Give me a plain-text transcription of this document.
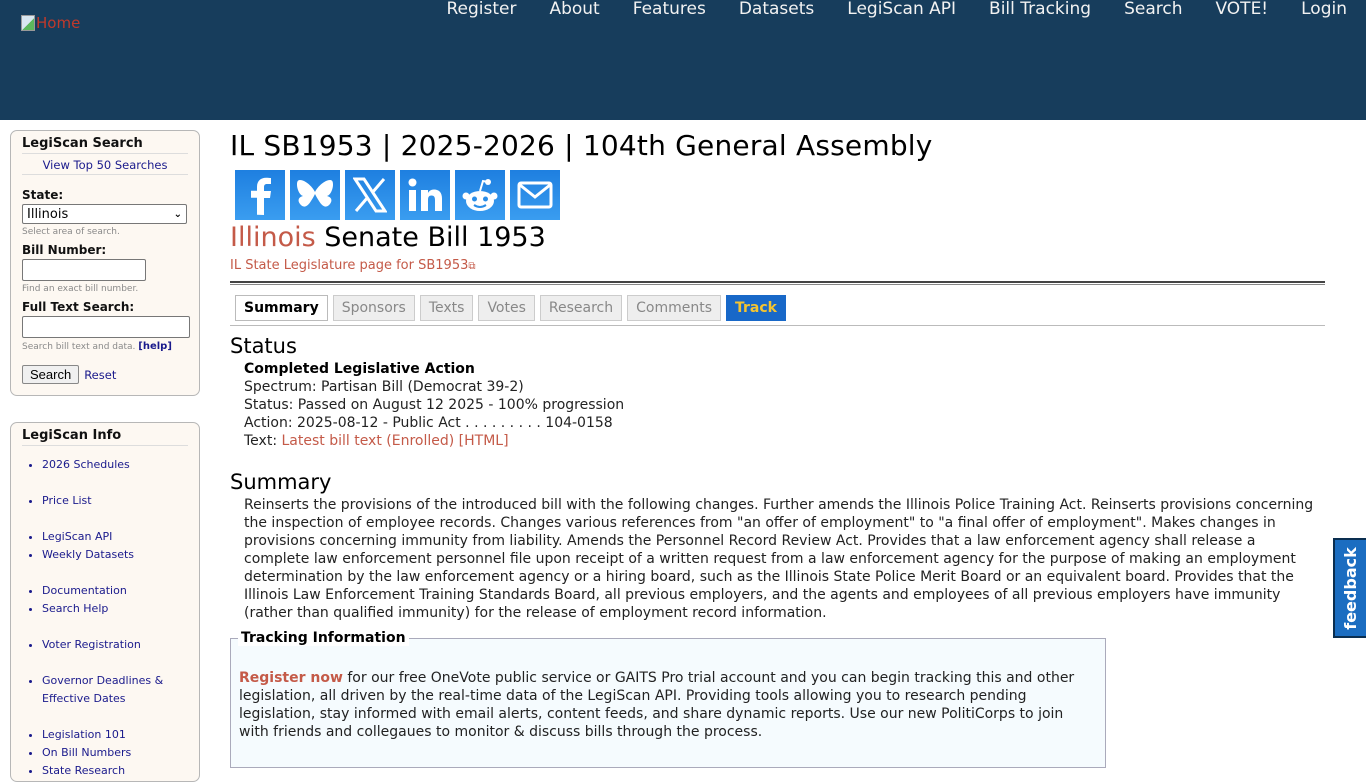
Home
Register	About	Features	Datasets	LegiScan API	Bill Tracking	Search	VOTE!	Login
LegiScan Search
View Top 50 Searches
State:
Illinois	⌄
Select area of search.
Bill Number:
Find an exact bill number.
Full Text Search:
Search bill text and data. [help]
Search	Reset
LegiScan Info
• 2026 Schedules
• Price List
• LegiScan API
• Weekly Datasets
• Documentation
• Search Help
• Voter Registration
• Governor Deadlines & Effective Dates
• Legislation 101
• On Bill Numbers
• State Research
IL SB1953 | 2025-2026 | 104th General Assembly
Illinois Senate Bill 1953
IL State Legislature page for SB1953⧉
Summary	Sponsors	Texts	Votes	Research	Comments	Track
Status
Completed Legislative Action
Spectrum: Partisan Bill (Democrat 39-2)
Status: Passed on August 12 2025 - 100% progression
Action: 2025-08-12 - Public Act . . . . . . . . . 104-0158
Text: Latest bill text (Enrolled) [HTML]
Summary
Reinserts the provisions of the introduced bill with the following changes. Further amends the Illinois Police Training Act. Reinserts provisions concerning the inspection of employee records. Changes various references from "an offer of employment" to "a final offer of employment". Makes changes in provisions concerning immunity from liability. Amends the Personnel Record Review Act. Provides that a law enforcement agency shall release a complete law enforcement personnel file upon receipt of a written request from a law enforcement agency for the purpose of making an employment determination by the law enforcement agency or a hiring board, such as the Illinois State Police Merit Board or an equivalent board. Provides that the Illinois Law Enforcement Training Standards Board, all previous employers, and the agents and employees of all previous employers have immunity (rather than qualified immunity) for the release of employment record information.
Tracking Information

Register now for our free OneVote public service or GAITS Pro trial account and you can begin tracking this and other legislation, all driven by the real-time data of the LegiScan API. Providing tools allowing you to research pending legislation, stay informed with email alerts, content feeds, and share dynamic reports. Use our new PolitiCorps to join with friends and collegaues to monitor & discuss bills through the process.

feedback
